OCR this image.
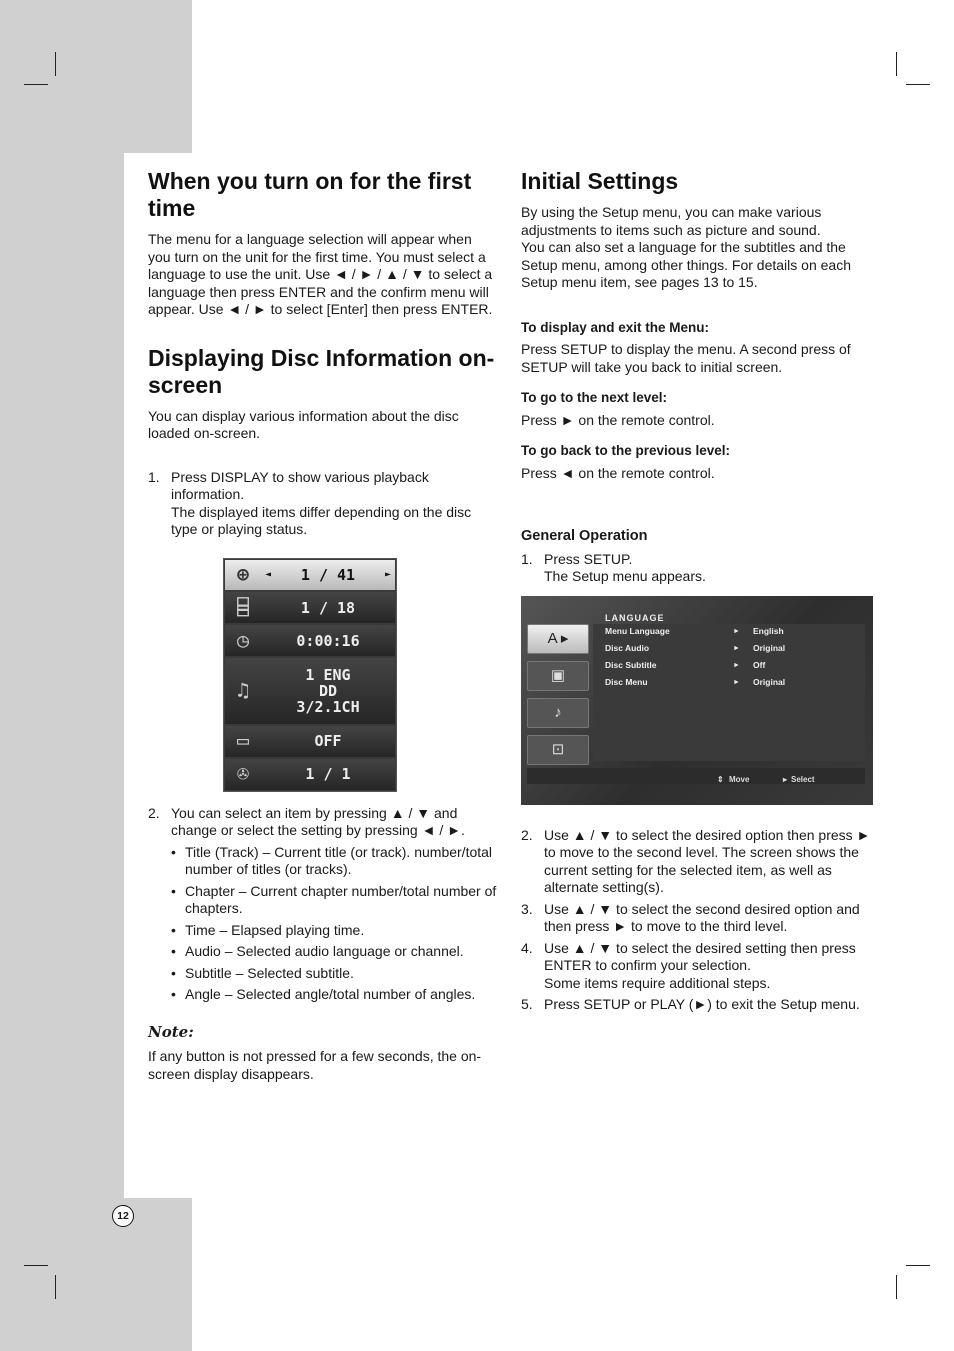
When you turn on for the first time

The menu for a language selection will appear when you turn on the unit for the first time. You must select a language to use the unit. Use ◄ / ► / ▲ / ▼ to select a language then press ENTER and the confirm menu will appear. Use ◄ / ► to select [Enter] then press ENTER.

Displaying Disc Information on-screen

You can display various information about the disc loaded on-screen.

1. Press DISPLAY to show various playback information.
The displayed items differ depending on the disc type or playing status.
⊕	◄	1 / 41	►
⌸	1 / 18
◷	0:00:16
♫
1 ENG
DD
3/2.1CH
▭	OFF
✇	1 / 1
2. You can select an item by pressing ▲ / ▼ and change or select the setting by pressing ◄ / ►.
• Title (Track) – Current title (or track). number/total number of titles (or tracks).
• Chapter – Current chapter number/total number of chapters.
• Time – Elapsed playing time.
• Audio – Selected audio language or channel.
• Subtitle – Selected subtitle.
• Angle – Selected angle/total number of angles.

Note:

If any button is not pressed for a few seconds, the on-screen display disappears.

Initial Settings

By using the Setup menu, you can make various adjustments to items such as picture and sound.

You can also set a language for the subtitles and the Setup menu, among other things. For details on each Setup menu item, see pages 13 to 15.

To display and exit the Menu:

Press SETUP to display the menu. A second press of SETUP will take you back to initial screen.

To go to the next level:

Press ► on the remote control.

To go back to the previous level:

Press ◄ on the remote control.

General Operation
1. Press SETUP.
The Setup menu appears.
A ▸
▣
♪
⊡
LANGUAGE
Menu Language	►	English
Disc Audio	►	Original
Disc Subtitle	►	Off
Disc Menu	►	Original
⇕ Move	▸ Select
2. Use ▲ / ▼ to select the desired option then press ► to move to the second level. The screen shows the current setting for the selected item, as well as alternate setting(s).
3. Use ▲ / ▼ to select the second desired option and then press ► to move to the third level.
4. Use ▲ / ▼ to select the desired setting then press ENTER to confirm your selection.
Some items require additional steps.
5. Press SETUP or PLAY (►) to exit the Setup menu.
12
